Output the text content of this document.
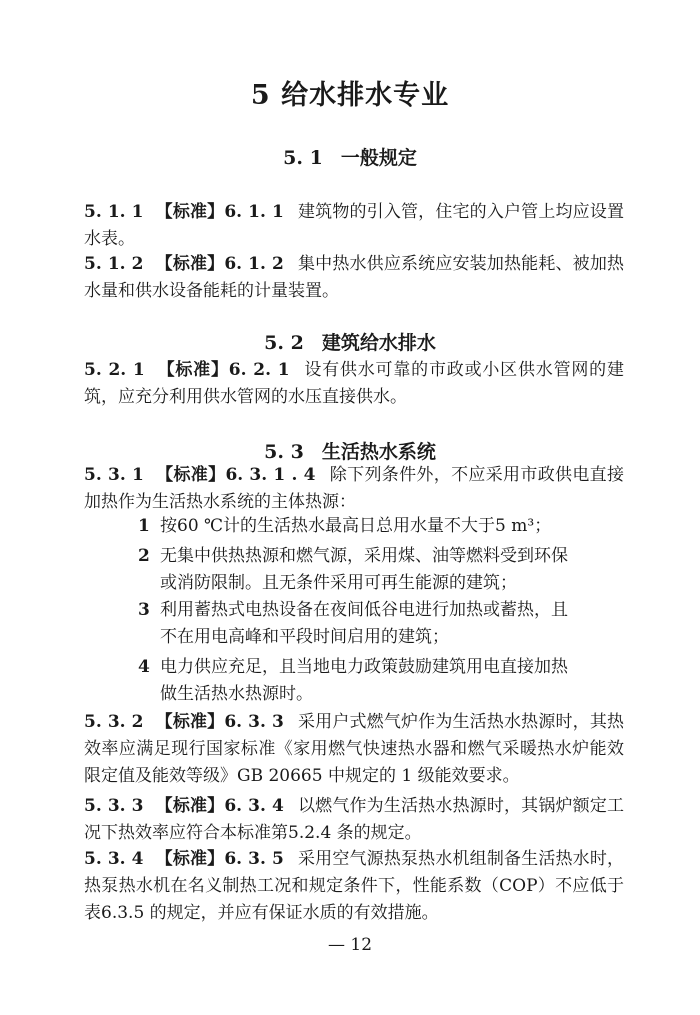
5 给水排水专业
5. 1 一般规定
5. 1. 1 【标准】6. 1. 1 建筑物的引入管，住宅的入户管上均应设置水表。
5. 1. 2 【标准】6. 1. 2 集中热水供应系统应安装加热能耗、被加热水量和供水设备能耗的计量装置。
5. 2 建筑给水排水
5. 2. 1 【标准】6. 2. 1 设有供水可靠的市政或小区供水管网的建筑，应充分利用供水管网的水压直接供水。
5. 3 生活热水系统
5. 3. 1 【标准】6. 3. 1 . 4 除下列条件外，不应采用市政供电直接加热作为生活热水系统的主体热源：
1 按60 ℃计的生活热水最高日总用水量不大于5 m³；
2 无集中供热热源和燃气源，采用煤、油等燃料受到环保
或消防限制。且无条件采用可再生能源的建筑；
3 利用蓄热式电热设备在夜间低谷电进行加热或蓄热，且
不在用电高峰和平段时间启用的建筑；
4 电力供应充足，且当地电力政策鼓励建筑用电直接加热
做生活热水热源时。
5. 3. 2 【标准】6. 3. 3 采用户式燃气炉作为生活热水热源时，其热效率应满足现行国家标准《家用燃气快速热水器和燃气采暖热水炉能效限定值及能效等级》GB 20665 中规定的 1 级能效要求。
5. 3. 3 【标准】6. 3. 4 以燃气作为生活热水热源时，其锅炉额定工况下热效率应符合本标准第5.2.4 条的规定。
5. 3. 4 【标准】6. 3. 5 采用空气源热泵热水机组制备生活热水时，热泵热水机在名义制热工况和规定条件下，性能系数（COP）不应低于表6.3.5 的规定，并应有保证水质的有效措施。
— 12
